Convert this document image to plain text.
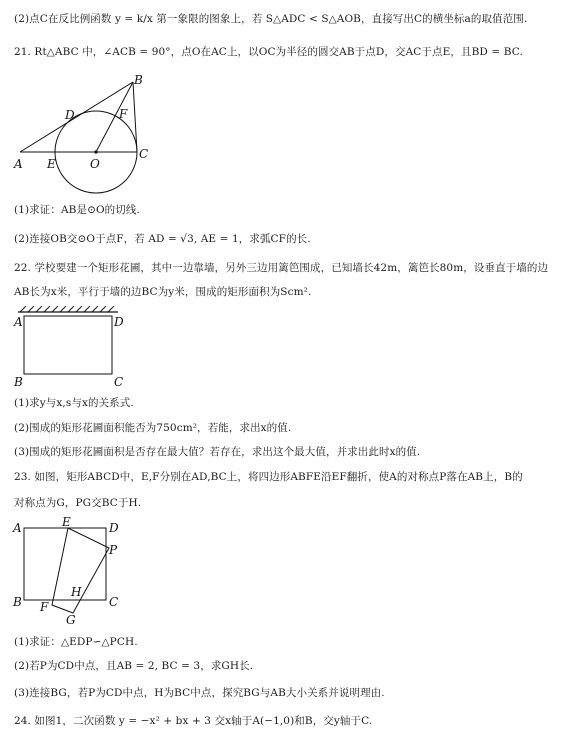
(2)点C在反比例函数 y = k/x 第一象限的图象上，若 S△ADC < S△AOB，直接写出C的横坐标a的取值范围.
21. Rt△ABC 中，∠ACB = 90°，点O在AC上，以OC为半径的圆交AB于点D，交AC于点E，且BD = BC.
A E	O
C
D	F
B
(1)求证：AB是⊙O的切线.
(2)连接OB交⊙O于点F，若 AD = √3, AE = 1，求弧CF的长.
22. 学校要建一个矩形花圃，其中一边靠墙，另外三边用篱笆围成，已知墙长42m，篱笆长80m，设垂直于墙的边
AB长为x米，平行于墙的边BC为y米，围成的矩形面积为Scm².
A	D
B	C
(1)求y与x,s与x的关系式.
(2)围成的矩形花圃面积能否为750cm²，若能，求出x的值.
(3)围成的矩形花圃面积是否存在最大值？若存在，求出这个最大值，并求出此时x的值.
23. 如图，矩形ABCD中，E,F分别在AD,BC上，将四边形ABFE沿EF翻折，使A的对称点P落在AB上，B的
对称点为G，PG交BC于H.
A	E	D
P
B F
H
C
G
(1)求证：△EDP∽△PCH.
(2)若P为CD中点，且AB = 2, BC = 3，求GH长.
(3)连接BG，若P为CD中点，H为BC中点，探究BG与AB大小关系并说明理由.
24. 如图1，二次函数 y = −x² + bx + 3 交x轴于A(−1,0)和B，交y轴于C.
